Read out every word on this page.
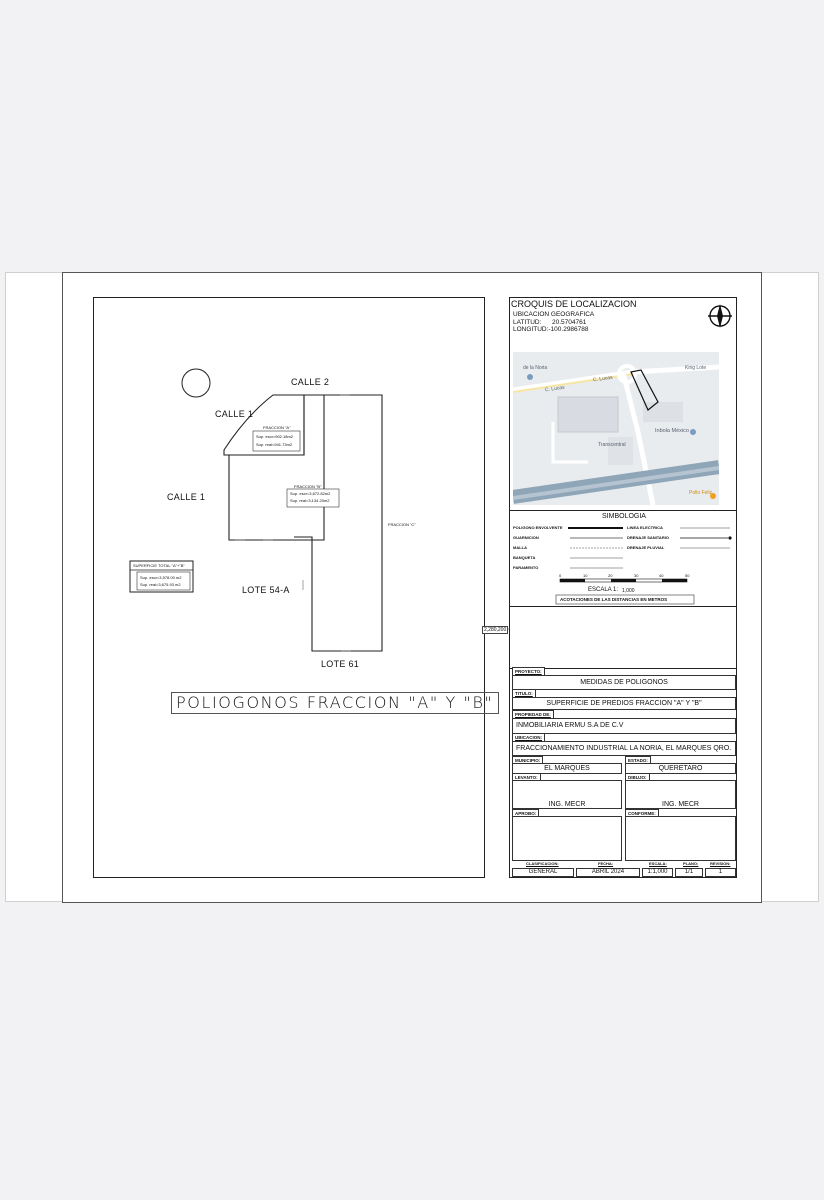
CALLE 2
CALLE 1
CALLE 1
LOTE 54-A
LOTE 61
FRACCION "A"
Sup. escr=902.18m2
Sup. real=941.73m2
FRACCION "B"
Sup. escr=3,672.82m2
Sup. real=3,134.20m2
FRACCION "C"
SUPERFICIE TOTAL "A"+"B"
Sup. escr=3,578.00 m2
Sup. real=3,675.93 m2
2,280,200
POLIOGONOS FRACCION "A" Y "B"
CROQUIS DE LOCALIZACION
UBICACION GEOGRAFICA
LATITUD: 20.5704761
LONGITUD:-100.2986788
de la Noria
C. Lucas
C. Lucas
King Lote
Inbola México
Transcentral
Pollo Feliz
SIMBOLOGIA
POLIGONO ENVOLVENTE
GUARNICION
MALLA
BANQUETA
PARAMENTO
LINEA ELECTRICA
DRENAJE SANITARIO
DRENAJE PLUVIAL
0	10	20	30	40	50
ESCALA 1: 1,000
ACOTACIONES DE LAS DISTANCIAS EN METROS
PROYECTO:
MEDIDAS DE POLIGONOS
TITULO:
SUPERFICIE DE PREDIOS FRACCION "A" Y "B"
PROPIEDAD DE:
INMOBILIARIA ERMU S.A DE C.V
UBICACION:
FRACCIONAMIENTO INDUSTRIAL LA NORIA, EL MARQUES QRO.
MUNICIPIO:
EL MARQUES
ESTADO:
QUERETARO
LEVANTO:
ING. MECR
DIBUJO:
ING. MECR
APROBO:	CONFORME:
CLASIFICACION:	FECHA:	ESCALA:	PLANO:	REVISION:
GENERAL	ABRIL 2024	1:1,000	1/1	1
